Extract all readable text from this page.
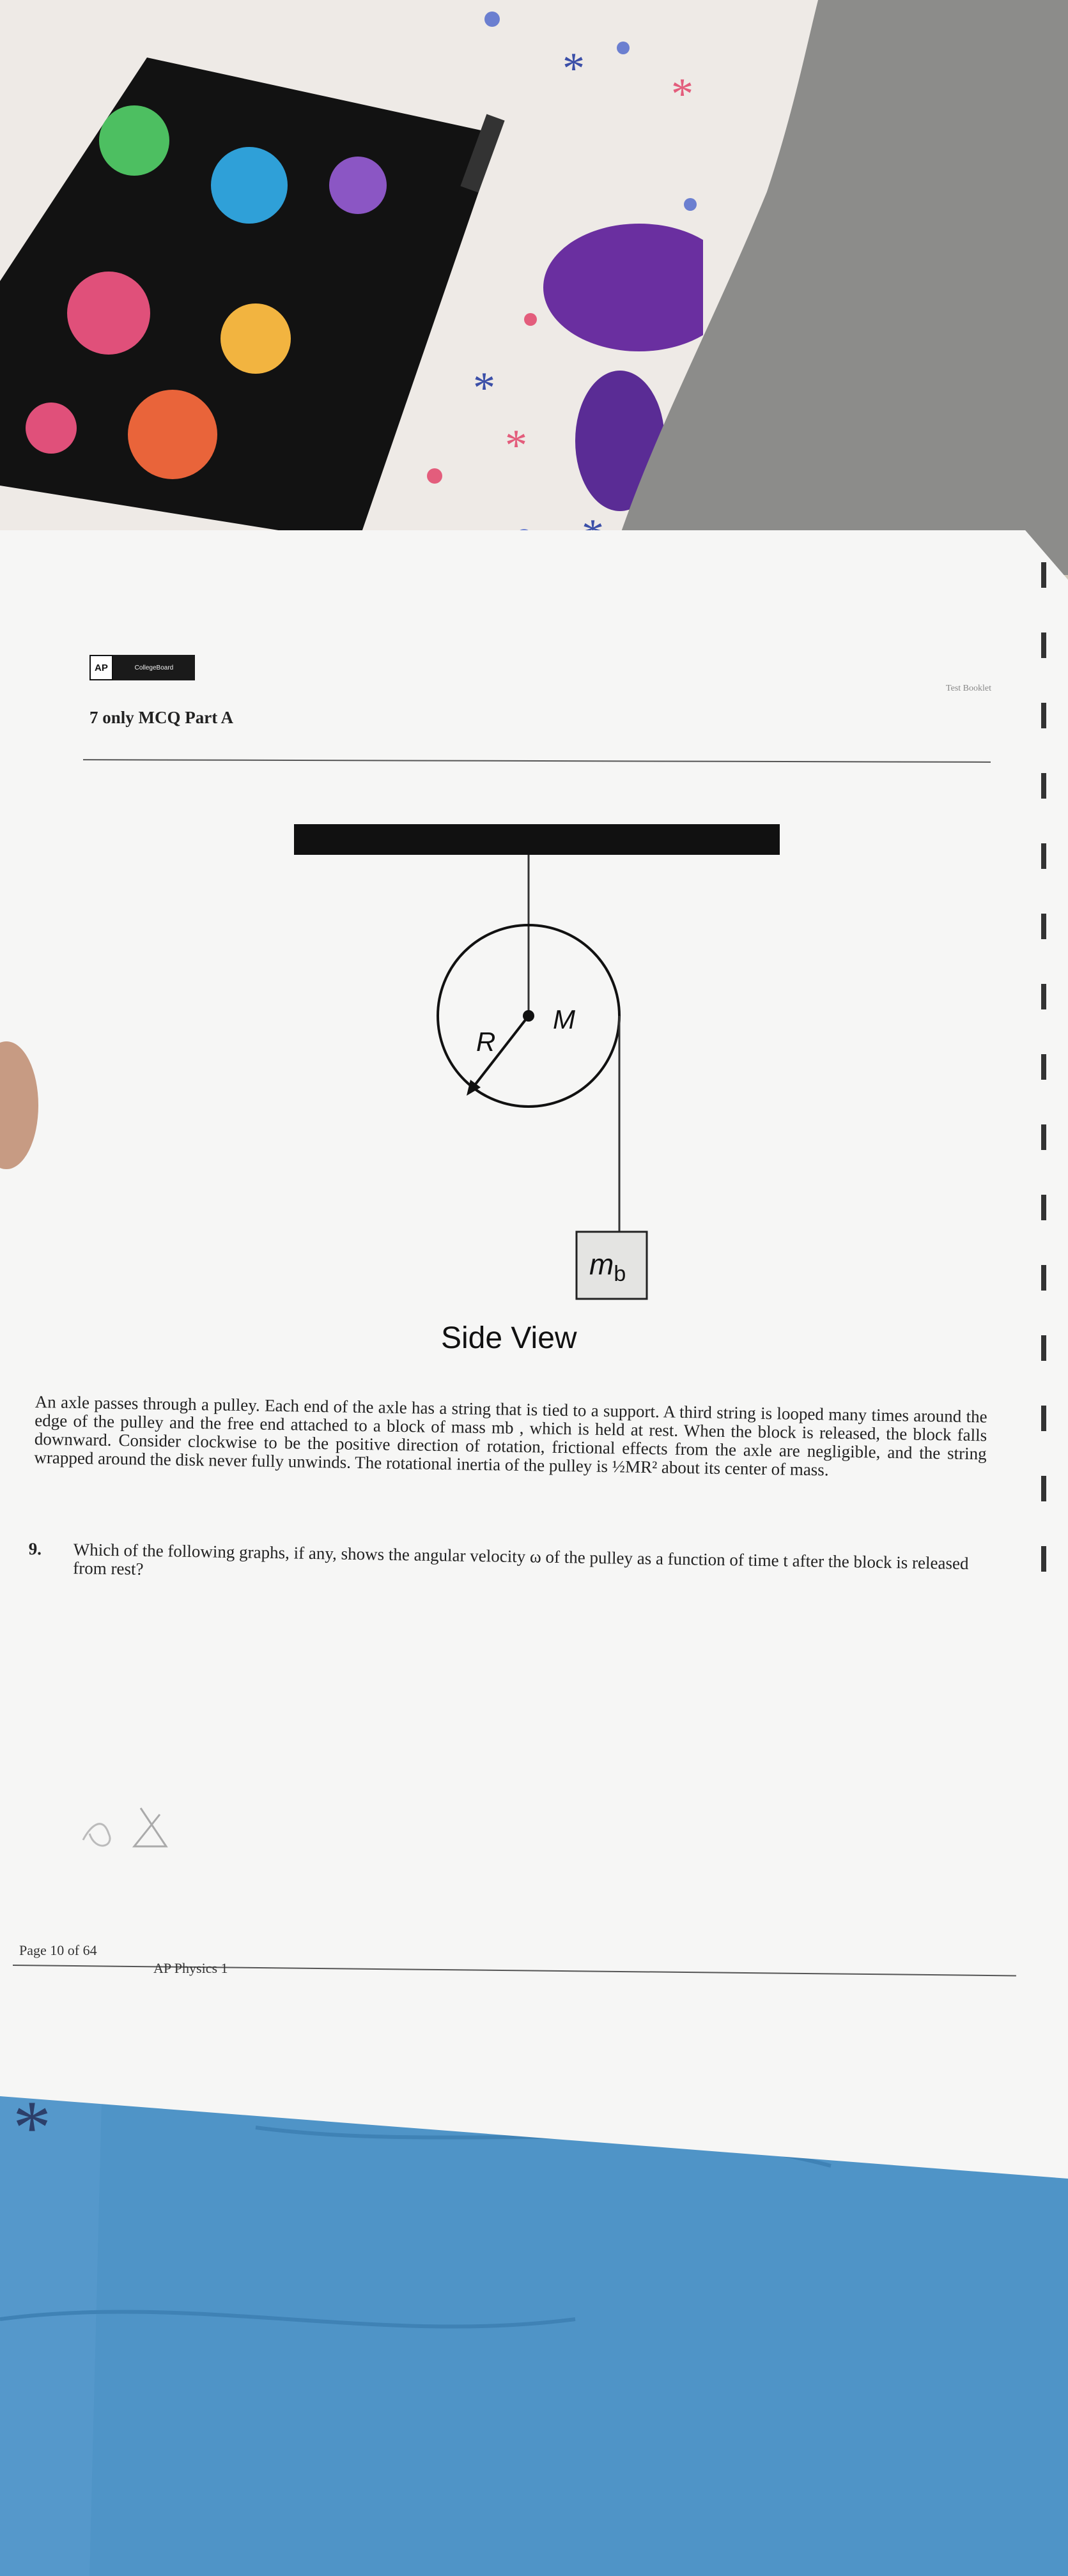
*
*
*
*
*
AP	CollegeBoard
Test Booklet
7 only MCQ Part A
R
M
$m_b$
Side View
An axle passes through a pulley. Each end of the axle has a string that is tied to a support. A third string is looped many times around the edge of the pulley and the free end attached to a block of mass mb , which is held at rest. When the block is released, the block falls downward. Consider clockwise to be the positive direction of rotation, frictional effects from the axle are negligible, and the string wrapped around the disk never fully unwinds. The rotational inertia of the pulley is ½MR² about its center of mass.
9.	Which of the following graphs, if any, shows the angular velocity ω of the pulley as a function of time t after the block is released from rest?
Page 10 of 64
AP Physics 1
